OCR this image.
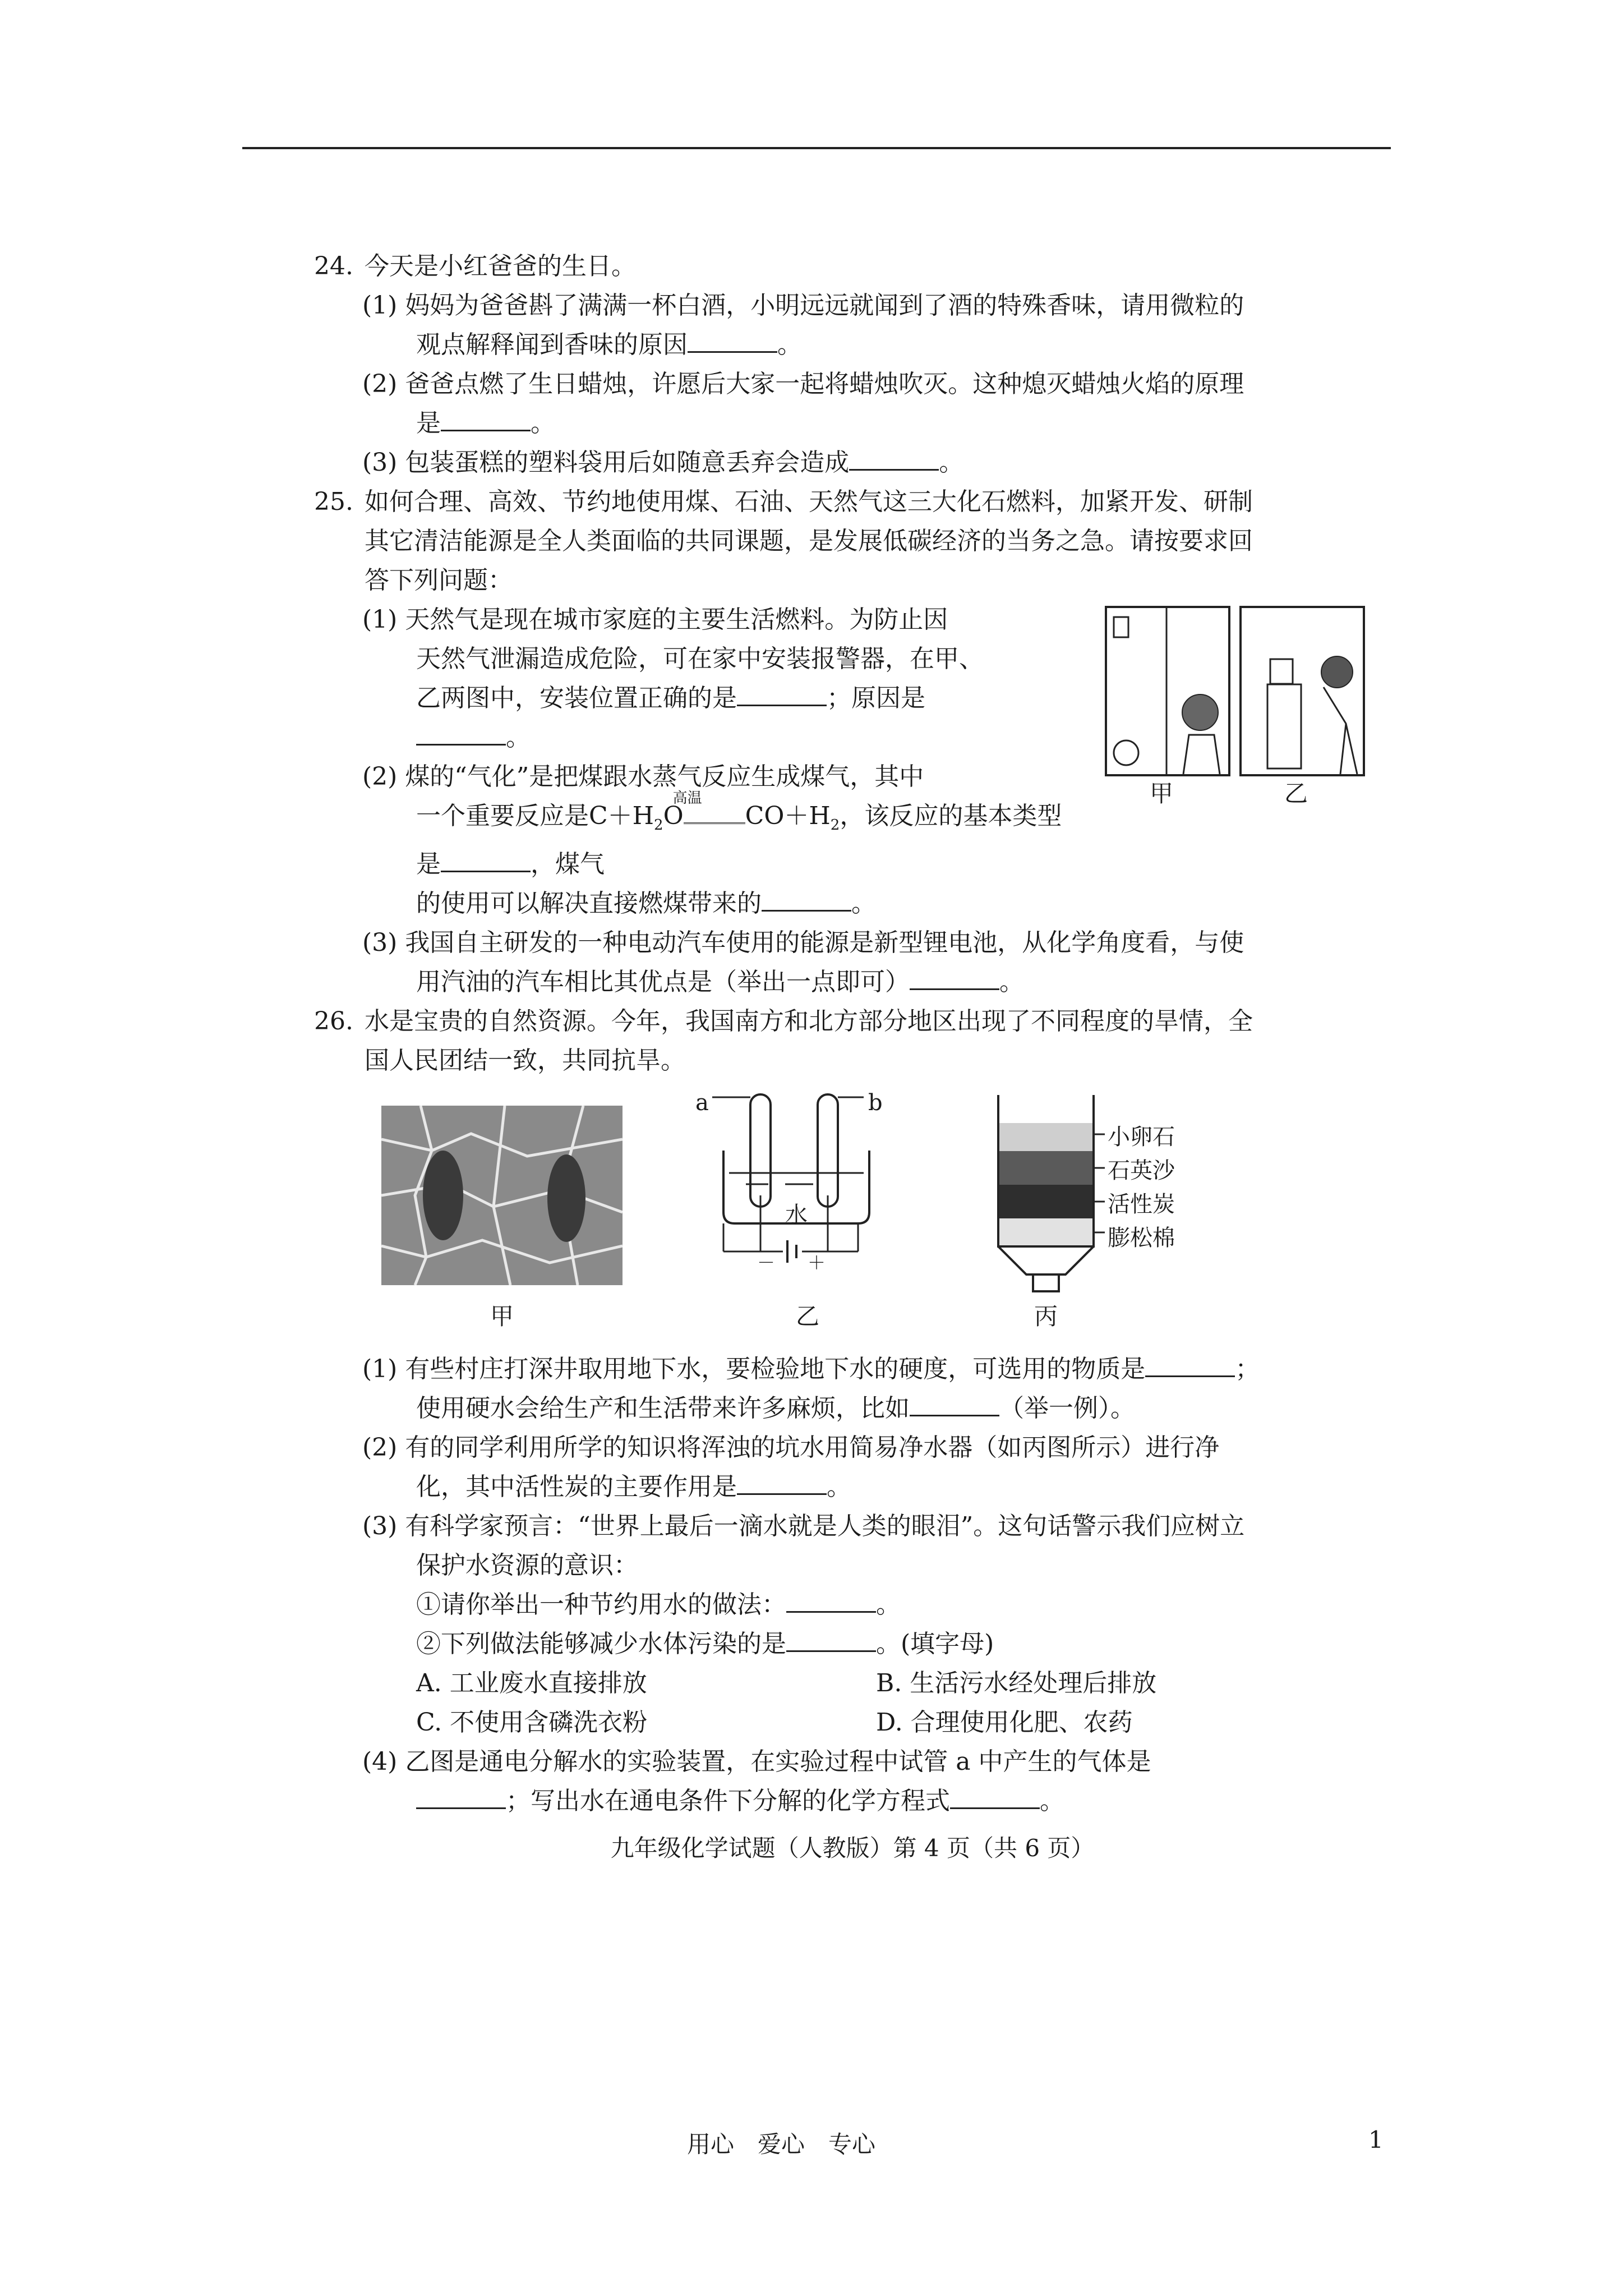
24. 今天是小红爸爸的生日。

(1) 妈妈为爸爸斟了满满一杯白酒，小明远远就闻到了酒的特殊香味，请用微粒的
观点解释闻到香味的原因	。

(2) 爸爸点燃了生日蜡烛，许愿后大家一起将蜡烛吹灭。这种熄灭蜡烛火焰的原理
是	。

(3) 包装蛋糕的塑料袋用后如随意丢弃会造成	。

25. 如何合理、高效、节约地使用煤、石油、天然气这三大化石燃料，加紧开发、研制
其它清洁能源是全人类面临的共同课题，是发展低碳经济的当务之急。请按要求回
答下列问题：

甲	乙

(1) 天然气是现在城市家庭的主要生活燃料。为防止因
天然气泄漏造成危险，可在家中安装报警器，在甲、
乙两图中，安装位置正确的是	；原因是
。

(2) 煤的“气化”是把煤跟水蒸气反应生成煤气，其中
一个重要反应是$C+H_2O$
高温
$CO+H_2$，该反应的基本类型是	，煤气
的使用可以解决直接燃煤带来的	。

(3) 我国自主研发的一种电动汽车使用的能源是新型锂电池，从化学角度看，与使
用汽油的汽车相比其优点是（举出一点即可）	。

26. 水是宝贵的自然资源。今年，我国南方和北方部分地区出现了不同程度的旱情，全
国人民团结一致，共同抗旱。

甲
a	b
水
－ ＋
乙
小卵石
石英沙
活性炭
膨松棉
丙

(1) 有些村庄打深井取用地下水，要检验地下水的硬度，可选用的物质是	；
使用硬水会给生产和生活带来许多麻烦，比如	（举一例）。

(2) 有的同学利用所学的知识将浑浊的坑水用简易净水器（如丙图所示）进行净
化，其中活性炭的主要作用是	。

(3) 有科学家预言：“世界上最后一滴水就是人类的眼泪”。这句话警示我们应树立
保护水资源的意识：
①请你举出一种节约用水的做法：	。
②下列做法能够减少水体污染的是	。(填字母)

A. 工业废水直接排放	B. 生活污水经处理后排放
C. 不使用含磷洗衣粉	D. 合理使用化肥、农药

(4) 乙图是通电分解水的实验装置，在实验过程中试管 a 中产生的气体是
；写出水在通电条件下分解的化学方程式	。

九年级化学试题（人教版）第 4 页（共 6 页）
用心　爱心　专心	1
